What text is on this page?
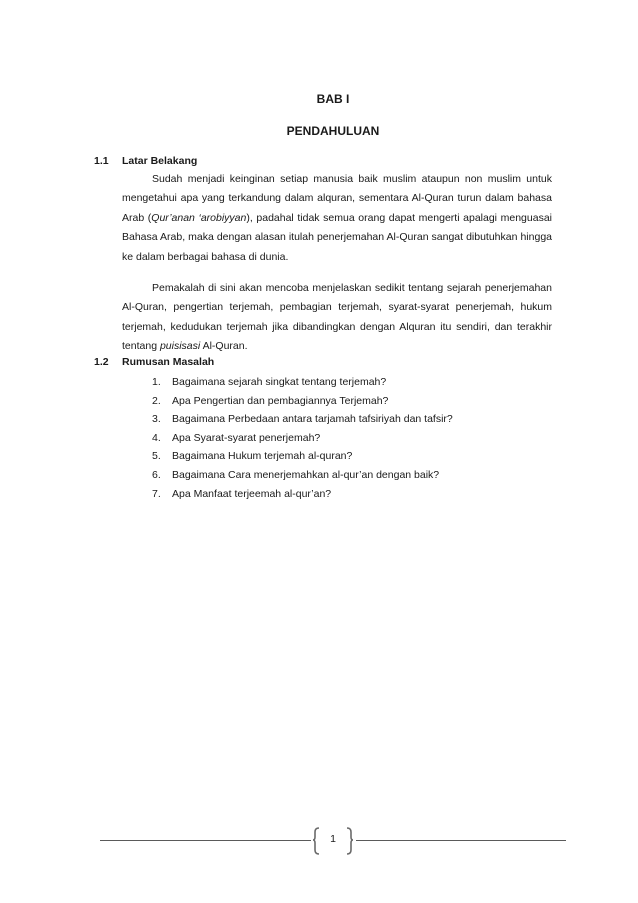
BAB I
PENDAHULUAN

1.1 Latar Belakang

Sudah menjadi keinginan setiap manusia baik muslim ataupun non muslim untuk mengetahui apa yang terkandung dalam alquran, sementara Al-Quran turun dalam bahasa Arab (Qur’anan ‘arobiyyan), padahal tidak semua orang dapat mengerti apalagi menguasai Bahasa Arab, maka dengan alasan itulah penerjemahan Al-Quran sangat dibutuhkan hingga ke dalam berbagai bahasa di dunia.

Pemakalah di sini akan mencoba menjelaskan sedikit tentang sejarah penerjemahan Al-Quran, pengertian terjemah, pembagian terjemah, syarat-syarat penerjemah, hukum terjemah, kedudukan terjemah jika dibandingkan dengan Alquran itu sendiri, dan terakhir tentang puisisasi Al-Quran.

1.2 Rumusan Masalah

1.	Bagaimana sejarah singkat tentang terjemah?
2.	Apa Pengertian dan pembagiannya Terjemah?
3.	Bagaimana Perbedaan antara tarjamah tafsiriyah dan tafsir?
4.	Apa Syarat-syarat penerjemah?
5.	Bagaimana Hukum terjemah al-quran?
6.	Bagaimana Cara menerjemahkan al-qur’an dengan baik?
7.	Apa Manfaat terjeemah al-qur’an?
1
